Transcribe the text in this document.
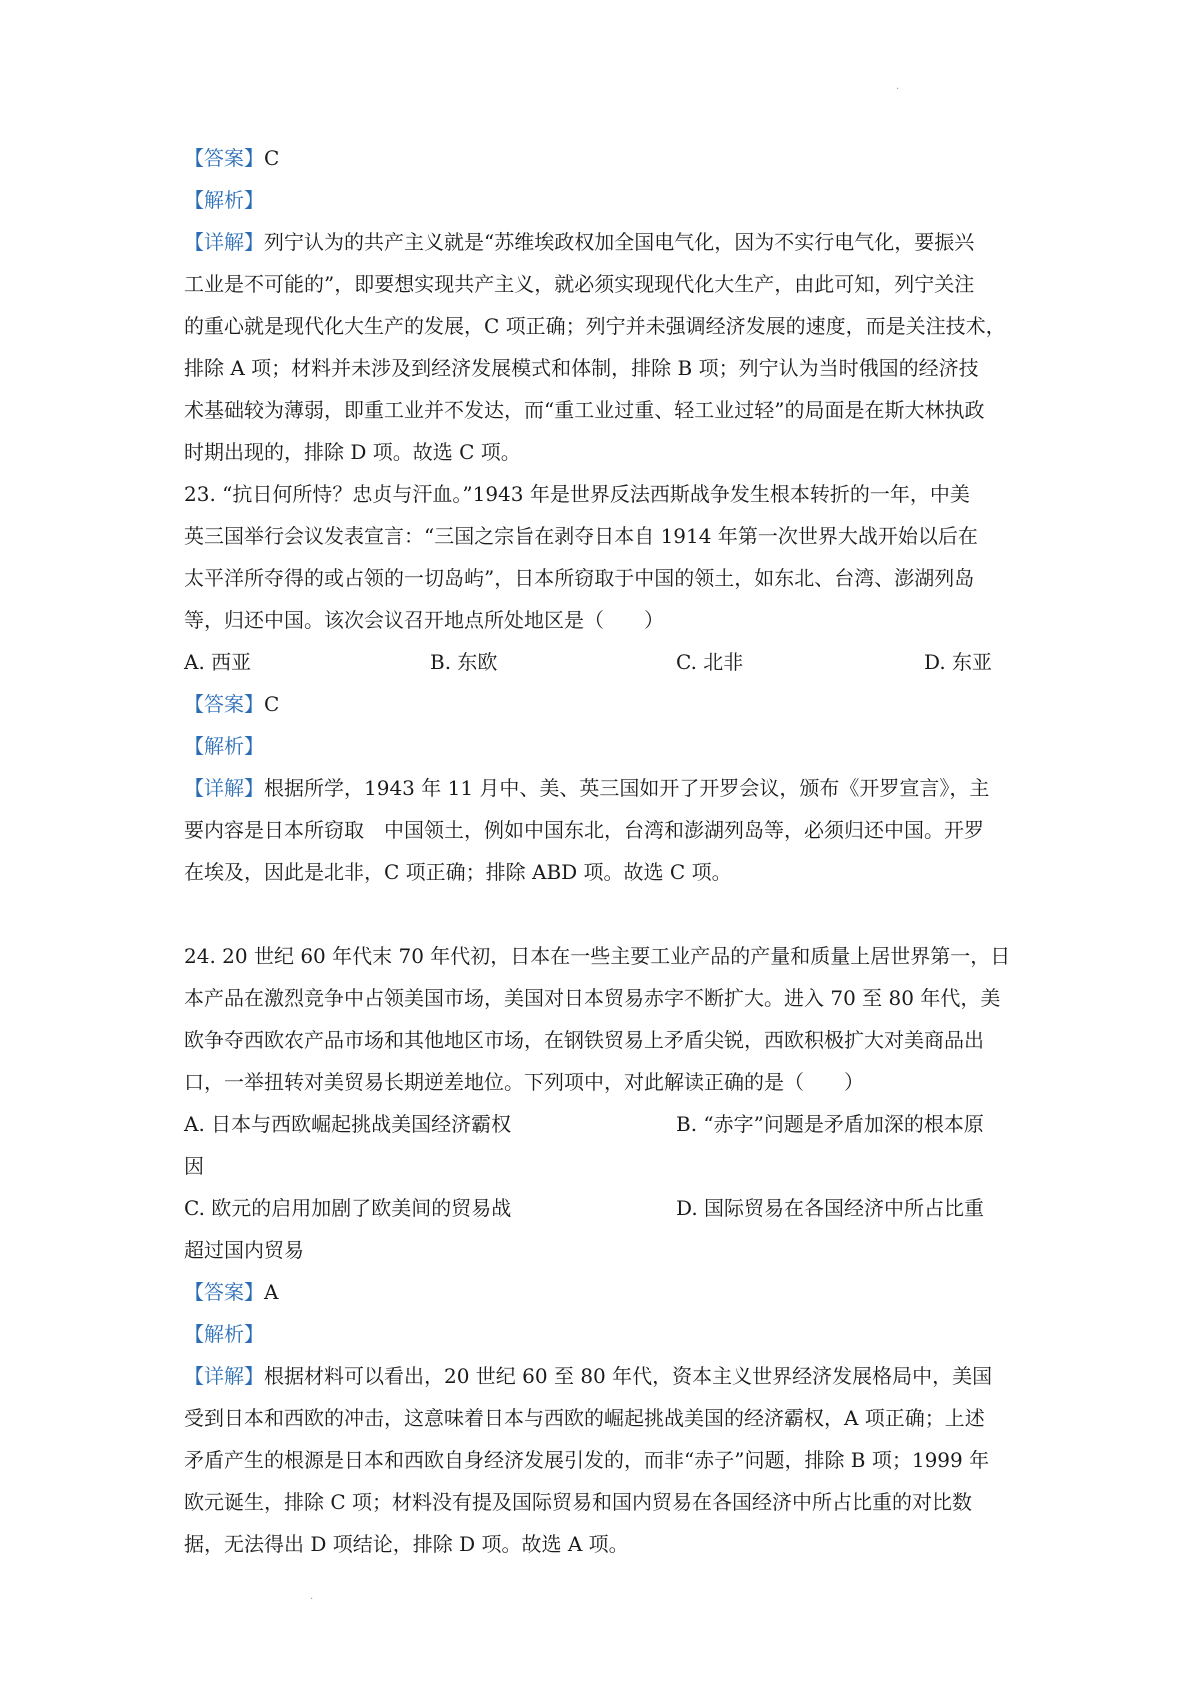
·
【答案】C
【解析】
【详解】列宁认为的共产主义就是“苏维埃政权加全国电气化，因为不实行电气化，要振兴
工业是不可能的”，即要想实现共产主义，就必须实现现代化大生产，由此可知，列宁关注
的重心就是现代化大生产的发展，C 项正确；列宁并未强调经济发展的速度，而是关注技术，
排除 A 项；材料并未涉及到经济发展模式和体制，排除 B 项；列宁认为当时俄国的经济技
术基础较为薄弱，即重工业并不发达，而“重工业过重、轻工业过轻”的局面是在斯大林执政
时期出现的，排除 D 项。故选 C 项。
23. “抗日何所恃？忠贞与汗血。”1943 年是世界反法西斯战争发生根本转折的一年，中美
英三国举行会议发表宣言：“三国之宗旨在剥夺日本自 1914 年第一次世界大战开始以后在
太平洋所夺得的或占领的一切岛屿”，日本所窃取于中国的领土，如东北、台湾、澎湖列岛
等，归还中国。该次会议召开地点所处地区是（　　）
A. 西亚	B. 东欧	C. 北非	D. 东亚
【答案】C
【解析】
【详解】根据所学，1943 年 11 月中、美、英三国如开了开罗会议，颁布《开罗宣言》，主
要内容是日本所窃取　中国领土，例如中国东北，台湾和澎湖列岛等，必须归还中国。开罗
在埃及，因此是北非，C 项正确；排除 ABD 项。故选 C 项。
24. 20 世纪 60 年代末 70 年代初，日本在一些主要工业产品的产量和质量上居世界第一，日
本产品在激烈竞争中占领美国市场，美国对日本贸易赤字不断扩大。进入 70 至 80 年代，美
欧争夺西欧农产品市场和其他地区市场，在钢铁贸易上矛盾尖锐，西欧积极扩大对美商品出
口，一举扭转对美贸易长期逆差地位。下列项中，对此解读正确的是（　　）
A. 日本与西欧崛起挑战美国经济霸权	B. “赤字”问题是矛盾加深的根本原
因
C. 欧元的启用加剧了欧美间的贸易战	D. 国际贸易在各国经济中所占比重
超过国内贸易
【答案】A
【解析】
【详解】根据材料可以看出，20 世纪 60 至 80 年代，资本主义世界经济发展格局中，美国
受到日本和西欧的冲击，这意味着日本与西欧的崛起挑战美国的经济霸权，A 项正确；上述
矛盾产生的根源是日本和西欧自身经济发展引发的，而非“赤子”问题，排除 B 项；1999 年
欧元诞生，排除 C 项；材料没有提及国际贸易和国内贸易在各国经济中所占比重的对比数
据，无法得出 D 项结论，排除 D 项。故选 A 项。
·
